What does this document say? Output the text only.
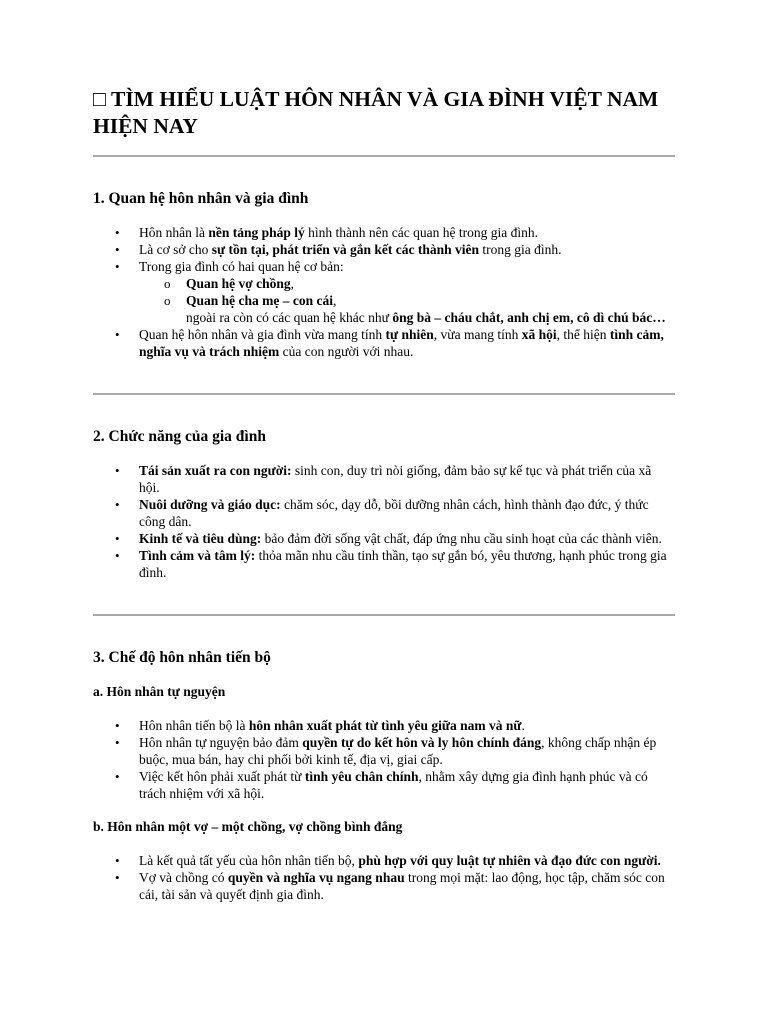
□ TÌM HIỂU LUẬT HÔN NHÂN VÀ GIA ĐÌNH VIỆT NAM HIỆN NAY
1. Quan hệ hôn nhân và gia đình
• Hôn nhân là nền tảng pháp lý hình thành nên các quan hệ trong gia đình.
• Là cơ sở cho sự tồn tại, phát triển và gắn kết các thành viên trong gia đình.
• Trong gia đình có hai quan hệ cơ bản:
o Quan hệ vợ chồng,
o Quan hệ cha mẹ – con cái,
ngoài ra còn có các quan hệ khác như ông bà – cháu chắt, anh chị em, cô dì chú bác…
• Quan hệ hôn nhân và gia đình vừa mang tính tự nhiên, vừa mang tính xã hội, thể hiện tình cảm, nghĩa vụ và trách nhiệm của con người với nhau.
2. Chức năng của gia đình
• Tái sản xuất ra con người: sinh con, duy trì nòi giống, đảm bảo sự kế tục và phát triển của xã hội.
• Nuôi dưỡng và giáo dục: chăm sóc, dạy dỗ, bồi dưỡng nhân cách, hình thành đạo đức, ý thức công dân.
• Kinh tế và tiêu dùng: bảo đảm đời sống vật chất, đáp ứng nhu cầu sinh hoạt của các thành viên.
• Tình cảm và tâm lý: thỏa mãn nhu cầu tinh thần, tạo sự gắn bó, yêu thương, hạnh phúc trong gia đình.
3. Chế độ hôn nhân tiến bộ
a. Hôn nhân tự nguyện
• Hôn nhân tiến bộ là hôn nhân xuất phát từ tình yêu giữa nam và nữ.
• Hôn nhân tự nguyện bảo đảm quyền tự do kết hôn và ly hôn chính đáng, không chấp nhận ép buộc, mua bán, hay chi phối bởi kinh tế, địa vị, giai cấp.
• Việc kết hôn phải xuất phát từ tình yêu chân chính, nhằm xây dựng gia đình hạnh phúc và có trách nhiệm với xã hội.
b. Hôn nhân một vợ – một chồng, vợ chồng bình đẳng
• Là kết quả tất yếu của hôn nhân tiến bộ, phù hợp với quy luật tự nhiên và đạo đức con người.
• Vợ và chồng có quyền và nghĩa vụ ngang nhau trong mọi mặt: lao động, học tập, chăm sóc con cái, tài sản và quyết định gia đình.
